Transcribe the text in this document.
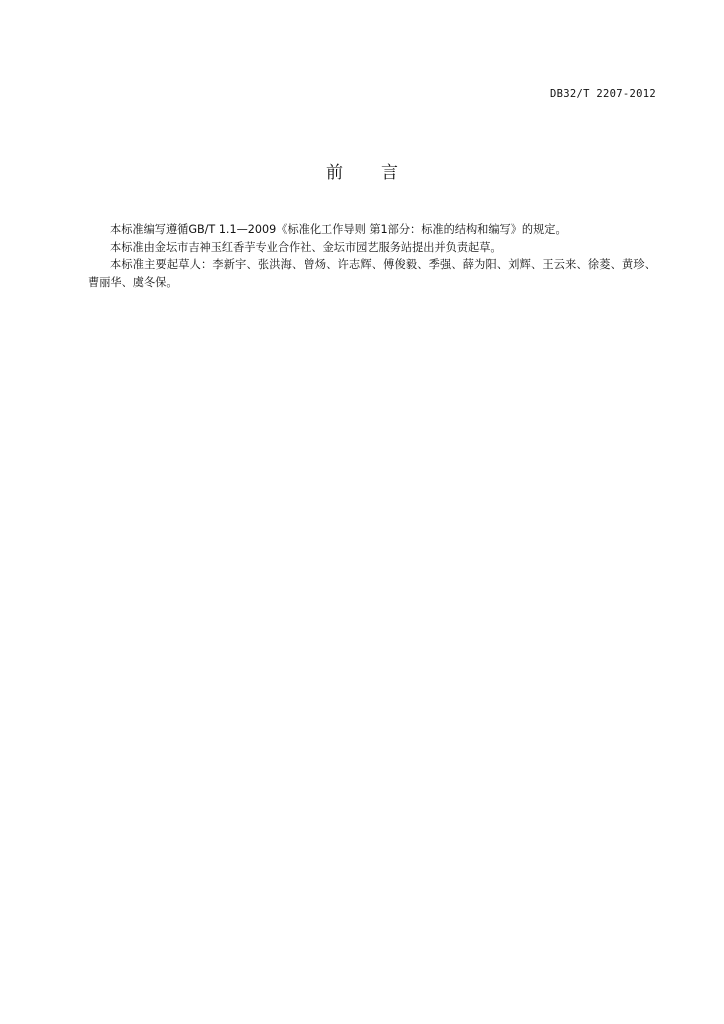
DB32/T 2207-2012
前 言

本标准编写遵循GB/T 1.1—2009《标准化工作导则 第1部分：标准的结构和编写》的规定。

本标准由金坛市吉神玉红香芋专业合作社、金坛市园艺服务站提出并负责起草。

本标准主要起草人：李新宇、张洪海、曾炀、许志辉、傅俊毅、季强、薛为阳、刘辉、王云来、徐菱、黄珍、曹丽华、虞冬保。
